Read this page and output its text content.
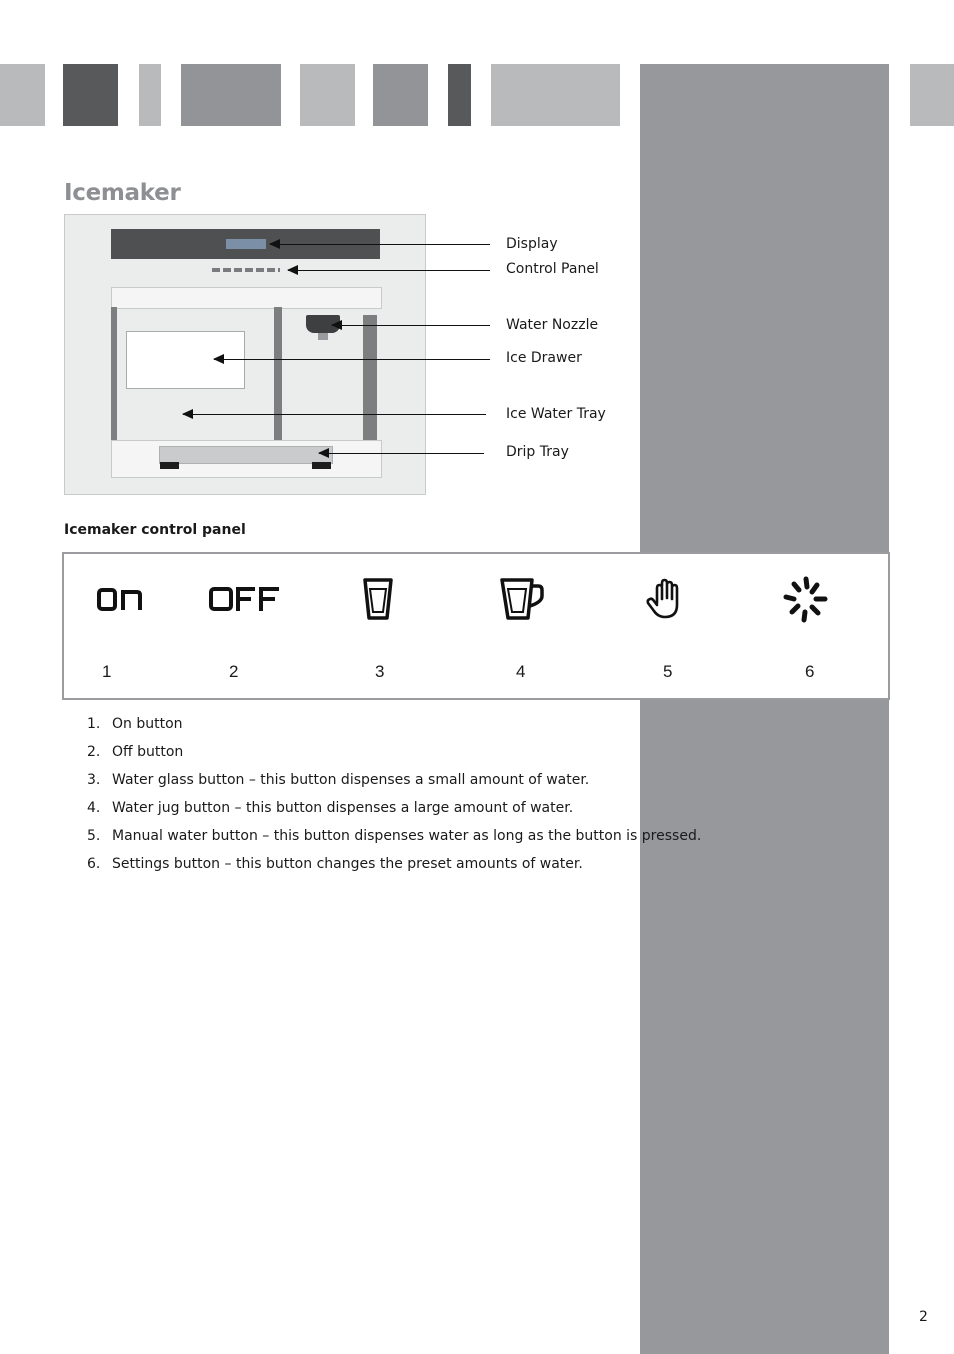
Icemaker
Display
Control Panel
Water Nozzle
Ice Drawer
Ice Water Tray
Drip Tray
Icemaker control panel
1	2	3	4	5	6
1. On button
2. Off button
3. Water glass button – this button dispenses a small amount of water.
4. Water jug button – this button dispenses a large amount of water.
5. Manual water button – this button dispenses water as long as the button is pressed.
6. Settings button – this button changes the preset amounts of water.
2
